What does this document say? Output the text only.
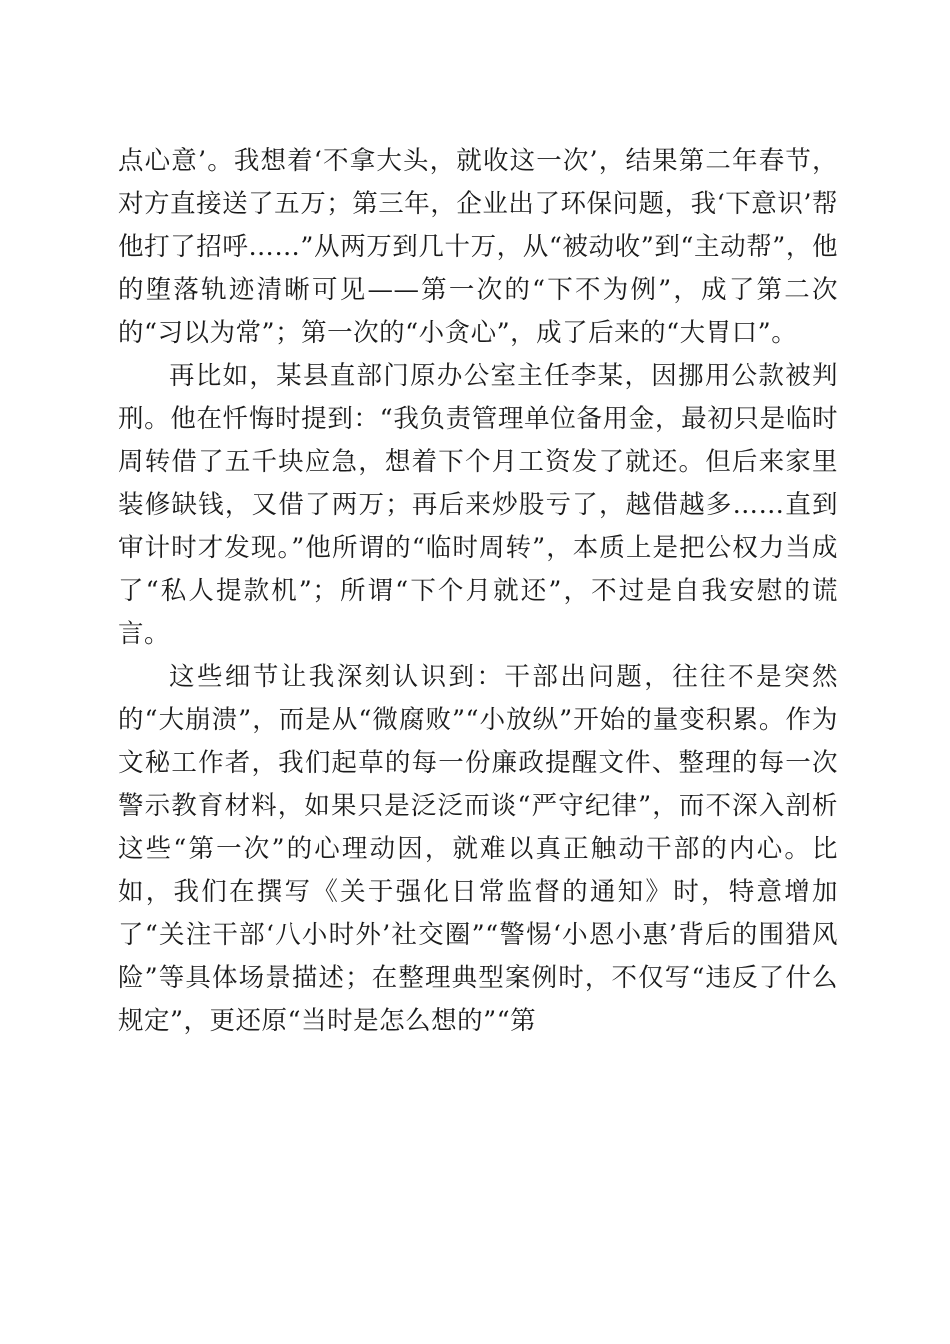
点心意’。我想着‘不拿大头，就收这一次’，结果第二年春节，对方直接送了五万；第三年，企业出了环保问题，我‘下意识’帮他打了招呼……”从两万到几十万，从“被动收”到“主动帮”，他的堕落轨迹清晰可见——第一次的“下不为例”，成了第二次的“习以为常”；第一次的“小贪心”，成了后来的“大胃口”。

再比如，某县直部门原办公室主任李某，因挪用公款被判刑。他在忏悔时提到：“我负责管理单位备用金，最初只是临时周转借了五千块应急，想着下个月工资发了就还。但后来家里装修缺钱，又借了两万；再后来炒股亏了，越借越多……直到审计时才发现。”他所谓的“临时周转”，本质上是把公权力当成了“私人提款机”；所谓“下个月就还”，不过是自我安慰的谎言。

这些细节让我深刻认识到：干部出问题，往往不是突然的“大崩溃”，而是从“微腐败”“小放纵”开始的量变积累。作为文秘工作者，我们起草的每一份廉政提醒文件、整理的每一次警示教育材料，如果只是泛泛而谈“严守纪律”，而不深入剖析这些“第一次”的心理动因，就难以真正触动干部的内心。比如，我们在撰写《关于强化日常监督的通知》时，特意增加了“关注干部‘八小时外’社交圈”“警惕‘小恩小惠’背后的围猎风险”等具体场景描述；在整理典型案例时，不仅写“违反了什么规定”，更还原“当时是怎么想的”“第
